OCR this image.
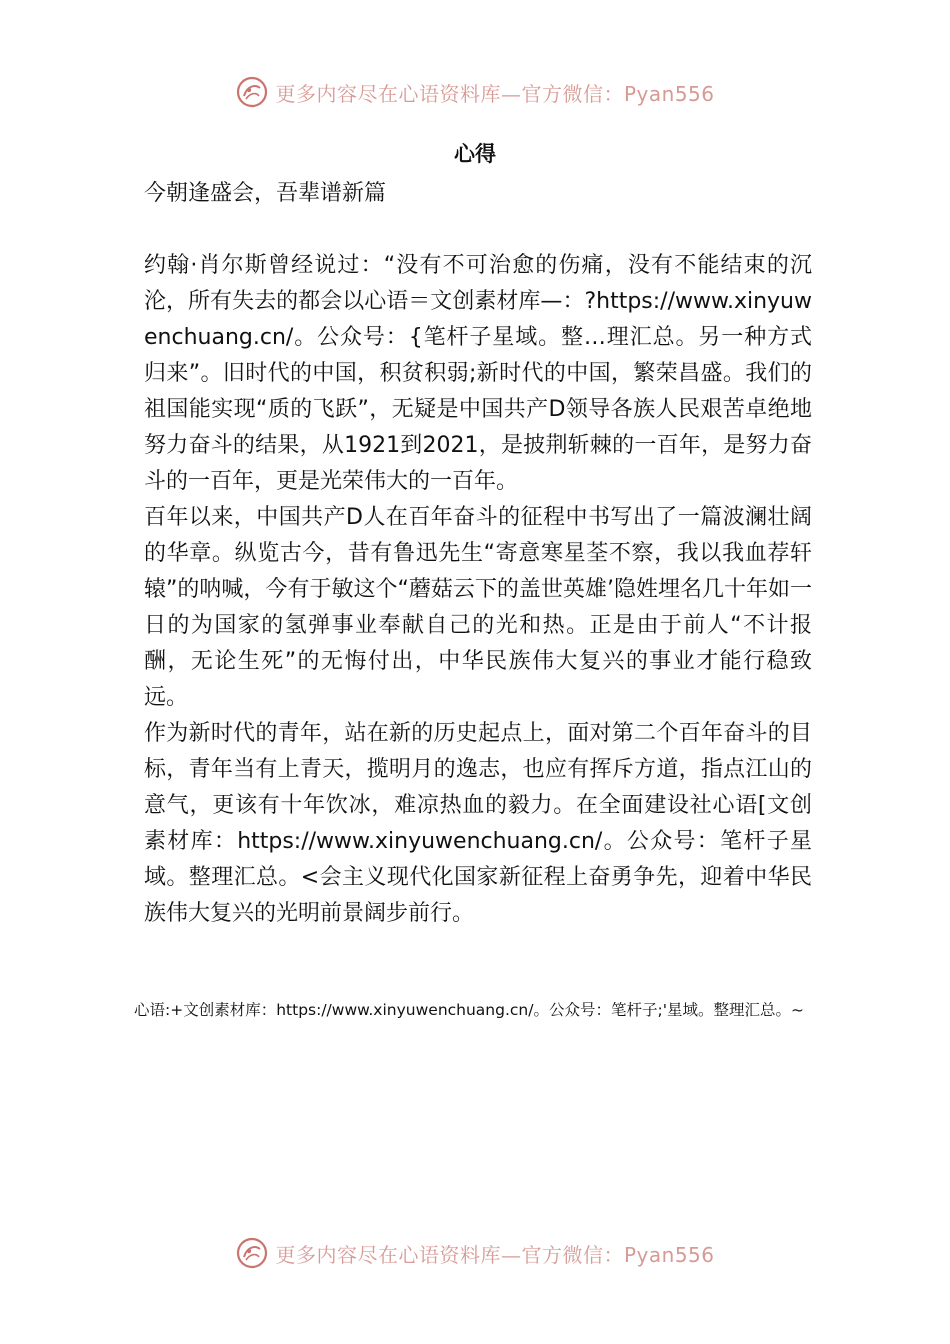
更多内容尽在心语资料库—官方微信：Pyan556
心得

今朝逢盛会，吾辈谱新篇

约翰·肖尔斯曾经说过：“没有不可治愈的伤痛，没有不能结束的沉沦，所有失去的都会以心语＝文创素材库—：?https://www.xinyuwenchuang.cn/。公众号：{笔杆子星域。整…理汇总。另一种方式归来”。旧时代的中国，积贫积弱;新时代的中国，繁荣昌盛。我们的祖国能实现“质的飞跃”，无疑是中国共产D领导各族人民艰苦卓绝地努力奋斗的结果，从1921到2021，是披荆斩棘的一百年，是努力奋斗的一百年，更是光荣伟大的一百年。

百年以来，中国共产D人在百年奋斗的征程中书写出了一篇波澜壮阔的华章。纵览古今，昔有鲁迅先生“寄意寒星荃不察，我以我血荐轩辕”的呐喊，今有于敏这个“蘑菇云下的盖世英雄’隐姓埋名几十年如一日的为国家的氢弹事业奉献自己的光和热。正是由于前人“不计报酬，无论生死”的无悔付出，中华民族伟大复兴的事业才能行稳致远。

作为新时代的青年，站在新的历史起点上，面对第二个百年奋斗的目标，青年当有上青天，揽明月的逸志，也应有挥斥方道，指点江山的意气，更该有十年饮冰，难凉热血的毅力。在全面建设社心语[文创素材库：https://www.xinyuwenchuang.cn/。公众号：笔杆子星域。整理汇总。<会主义现代化国家新征程上奋勇争先，迎着中华民族伟大复兴的光明前景阔步前行。

心语:+文创素材库：https://www.xinyuwenchuang.cn/。公众号：笔杆子;'星域。整理汇总。~

更多内容尽在心语资料库—官方微信：Pyan556
